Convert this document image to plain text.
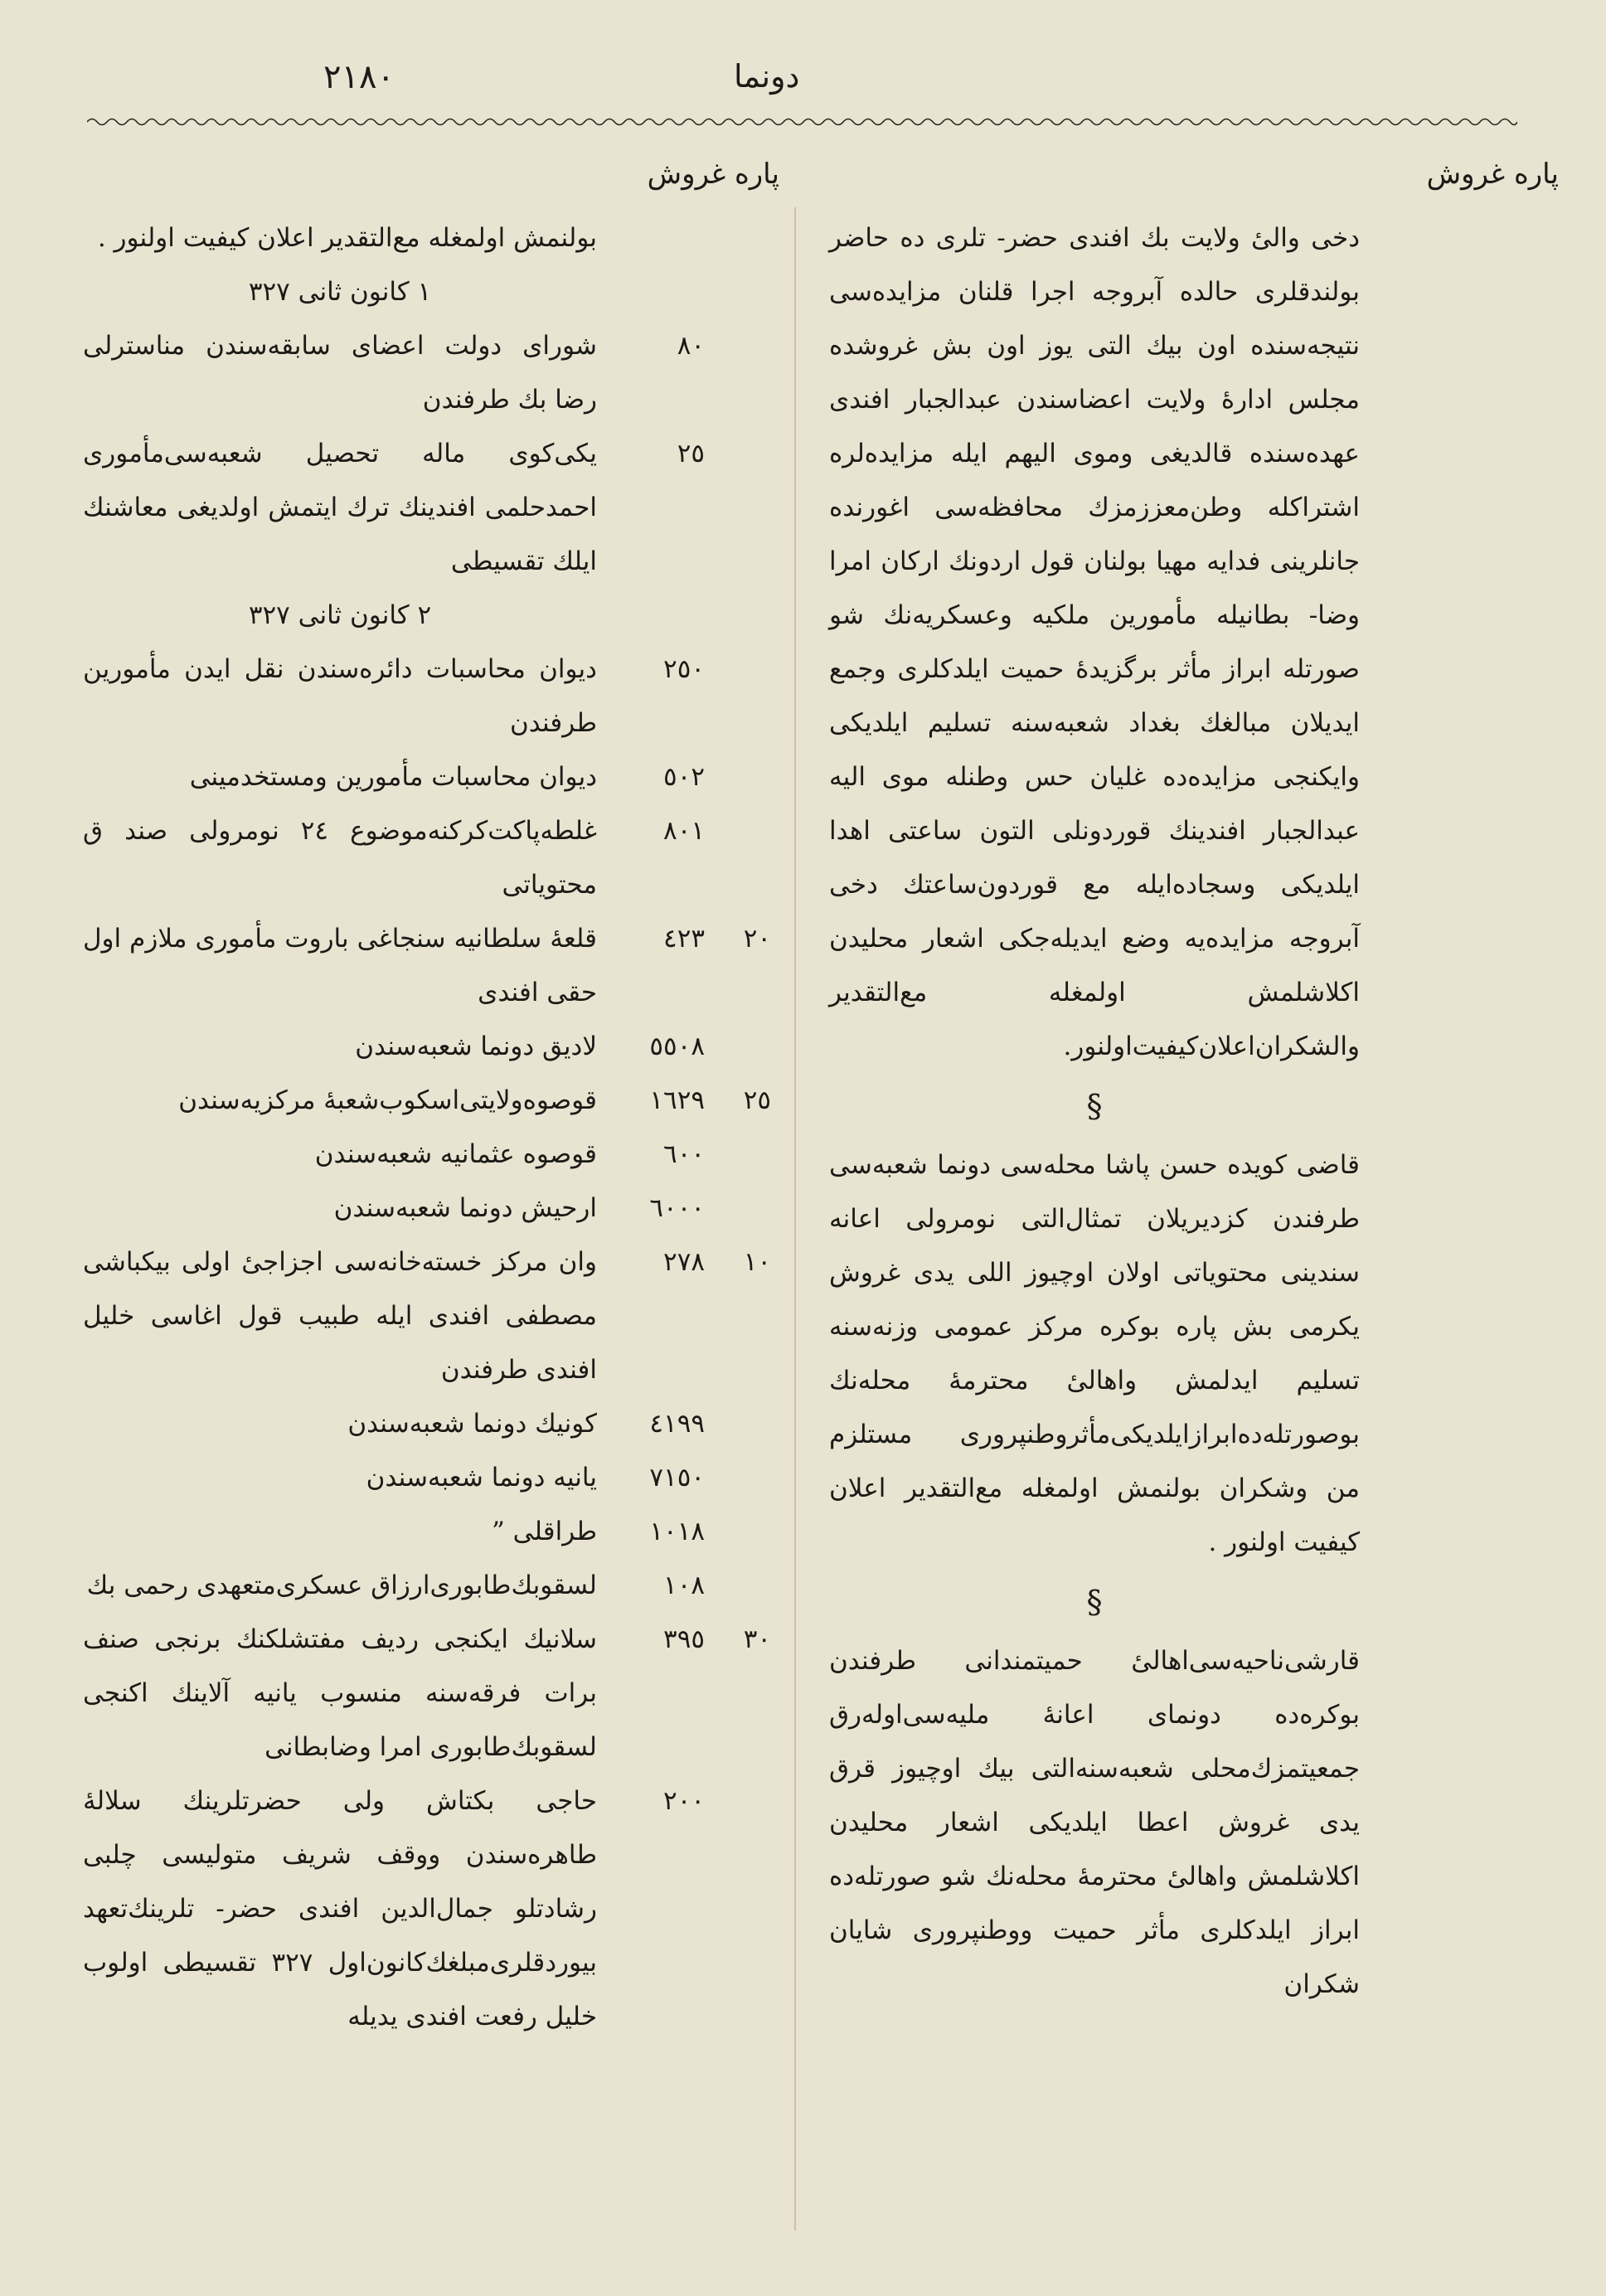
٢١٨٠	دونما
پاره غروش
پاره غروش

دخی والیٔ ولایت بك افندی حضر- تلری ده حاضر بولندقلری حالده آبروجه اجرا قلنان مزایده‌سی نتیجه‌سنده اون بیك التی یوز اون بش غروشده مجلس ادارهٔ ولایت اعضاسندن عبدالجبار افندی عهده‌سنده قالدیغی وموی الیهم ایله مزایده‌لره اشتراکله وطن‌معززمزك محافظه‌سی اغورنده جانلرینی فدایه مهیا بولنان قول اردونك ارکان امرا وضا- بطانیله مأمورین ملکیه وعسکریه‌نك شو صورتله ابراز مأثر برگزیدهٔ حمیت ایلدکلری وجمع ایدیلان مبالغك بغداد شعبه‌سنه تسلیم ایلدیکی وایکنجی مزایده‌ده غلیان حس وطنله موی الیه عبدالجبار افندینك قوردونلی التون ساعتی اهدا ایلدیکی وسجاده‌ایله مع قوردون‌ساعتك دخی آبروجه مزایده‌یه وضع ایدیله‌جکی اشعار محلیدن اکلاشلمش اولمغله مع‌التقدیر والشکران‌اعلان‌کیفیت‌اولنور.

§

قاضی کویده حسن پاشا محله‌سی دونما شعبه‌سی طرفندن کزدیریلان تمثال‌التی نومرولی اعانه سندینی محتویاتی اولان اوچیوز اللی یدی غروش یکرمی بش پاره بوکره مرکز عمومی وزنه‌سنه تسلیم ایدلمش واهالیٔ محترمهٔ محله‌نك بوصورتله‌ده‌ابرازایلدیکی‌مأثروطنپروری مستلزم من وشکران بولنمش اولمغله مع‌التقدیر اعلان کیفیت اولنور .

§

قارشی‌ناحیه‌سی‌اهالیٔ حمیتمندانی طرفندن بوکره‌ده دونمای اعانهٔ ملیه‌سی‌اوله‌رق جمعیتمزك‌محلی شعبه‌سنه‌التی بیك اوچیوز قرق یدی غروش اعطا ایلدیکی اشعار محلیدن اکلاشلمش واهالیٔ محترمهٔ محله‌نك شو صورتله‌ده ابراز ایلدکلری مأثر حمیت ووطنپروری شایان شکران

بولنمش اولمغله مع‌التقدیر اعلان کیفیت اولنور .
١ کانون ثانی ٣٢٧
٨٠
شورای دولت اعضای سابقه‌سندن مناسترلی رضا بك طرفندن
٢٥
یکی‌کوی ماله تحصیل شعبه‌سی‌مأموری احمدحلمی افندینك ترك ایتمش اولدیغی معاشنك ایلك تقسیطی
٢ کانون ثانی ٣٢٧
٢٥٠
دیوان محاسبات دائره‌سندن نقل ایدن مأمورین طرفندن
٥٠٢
دیوان محاسبات مأمورین ومستخدمینی
٨٠١
غلطه‌پاکت‌کرکنه‌موضوع ٢٤ نومرولی صند ق محتویاتی
٢٠
٤٢٣
قلعهٔ سلطانیه سنجاغی باروت مأموری ملازم اول حقی افندی
٥٥٠٨
لادیق دونما شعبه‌سندن
٢٥
١٦٢٩
قوصوه‌ولایتی‌اسکوب‌شعبهٔ مرکزیه‌سندن
٦٠٠
قوصوه عثمانیه شعبه‌سندن
٦٠٠٠
ارحیش دونما شعبه‌سندن
١٠
٢٧٨
وان مرکز خسته‌خانه‌سی اجزاجیٔ اولی بیکباشی مصطفی افندی ایله طبیب قول اغاسی خلیل افندی طرفندن
٤١٩٩
کونیك دونما شعبه‌سندن
٧١٥٠
یانیه دونما شعبه‌سندن
١٠١٨
طراقلی ”
١٠٨
لسقوبك‌طابوری‌ارزاق عسکری‌متعهدی رحمی بك
٣٠
٣٩٥
سلانیك ایکنجی ردیف مفتشلکنك برنجی صنف برات فرقه‌سنه منسوب یانیه آلاینك اکنجی لسقوبك‌طابوری امرا وضابطانی
٢٠٠
حاجی بکتاش ولی حضرتلرینك سلالهٔ طاهره‌سندن ووقف شریف متولیسی چلبی رشادتلو جمال‌الدین افندی حضر- تلرینك‌تعهد بیوردقلری‌مبلغك‌کانون‌اول ٣٢٧ تقسیطی اولوب خلیل رفعت افندی یدیله
